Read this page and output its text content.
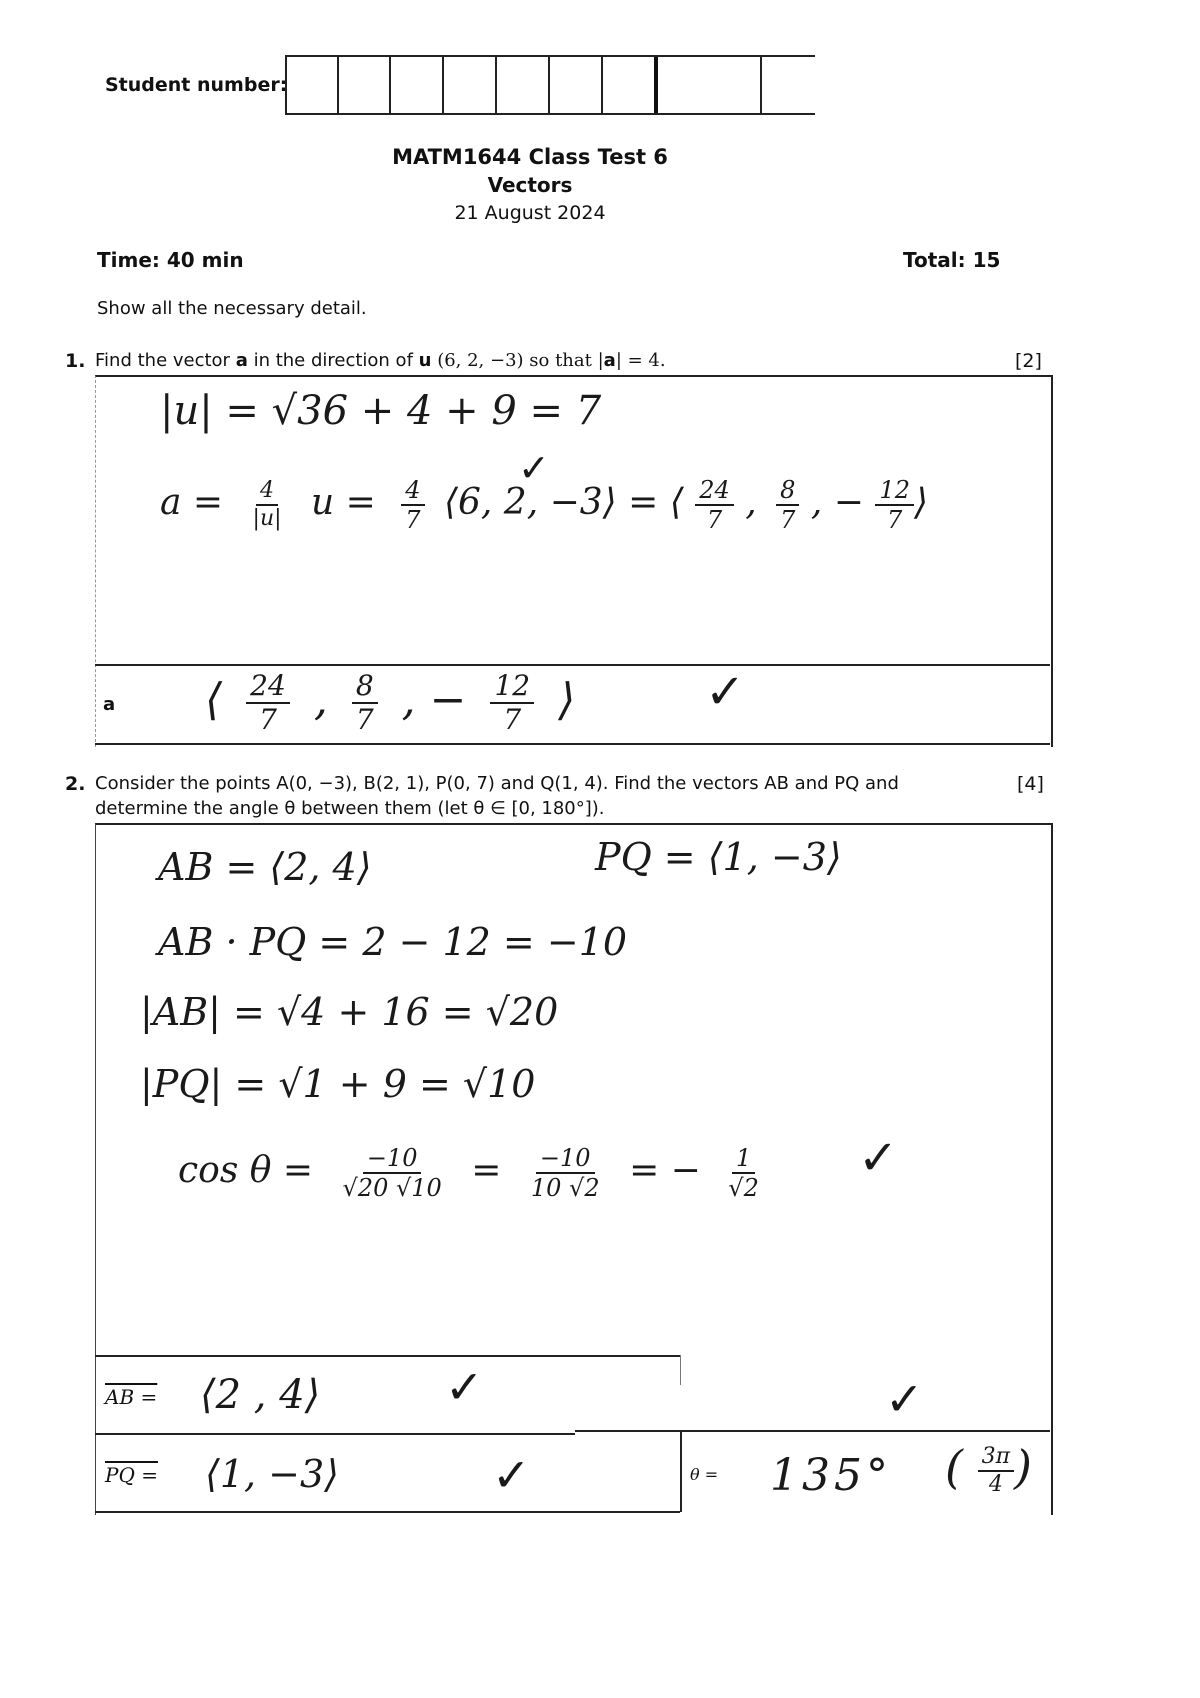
Student number:
MATM1644 Class Test 6
Vectors
21 August 2024
Time: 40 min	Total: 15
Show all the necessary detail.
1. Find the vector a in the direction of u (6, 2, −3) so that |a| = 4.	[2]
|u| = √36 + 4 + 9 = 7
$a = \frac{4}{|u|}$ $u = \frac{4}{7}$ ⟨6, 2, −3⟩ = ⟨ $\frac{24}{7}$ , $\frac{8}{7}$ , − $\frac{12}{7}$ ⟩
✓
a ⟨ $\frac{24}{7}$ , $\frac{8}{7}$ , − $\frac{12}{7}$ ⟩	✓
2. Consider the points A(0, −3), B(2, 1), P(0, 7) and Q(1, 4). Find the vectors AB and PQ and
determine the angle θ between them (let θ ∈ [0, 180°]).
[4]
AB = ⟨2, 4⟩	PQ = ⟨1, −3⟩
AB · PQ = 2 − 12 = −10
|AB| = √4 + 16 = √20
|PQ| = √1 + 9 = √10
$\cos \theta = \frac{-10}{√20 √10} = \frac{-10}{10 √2}$ = − $\frac{1}{√2}$ ✓
AB = ⟨2 , 4⟩	✓	✓
PQ = ⟨1, −3⟩	✓	θ = 135° ( $\frac{3\pi}{4}$ )
